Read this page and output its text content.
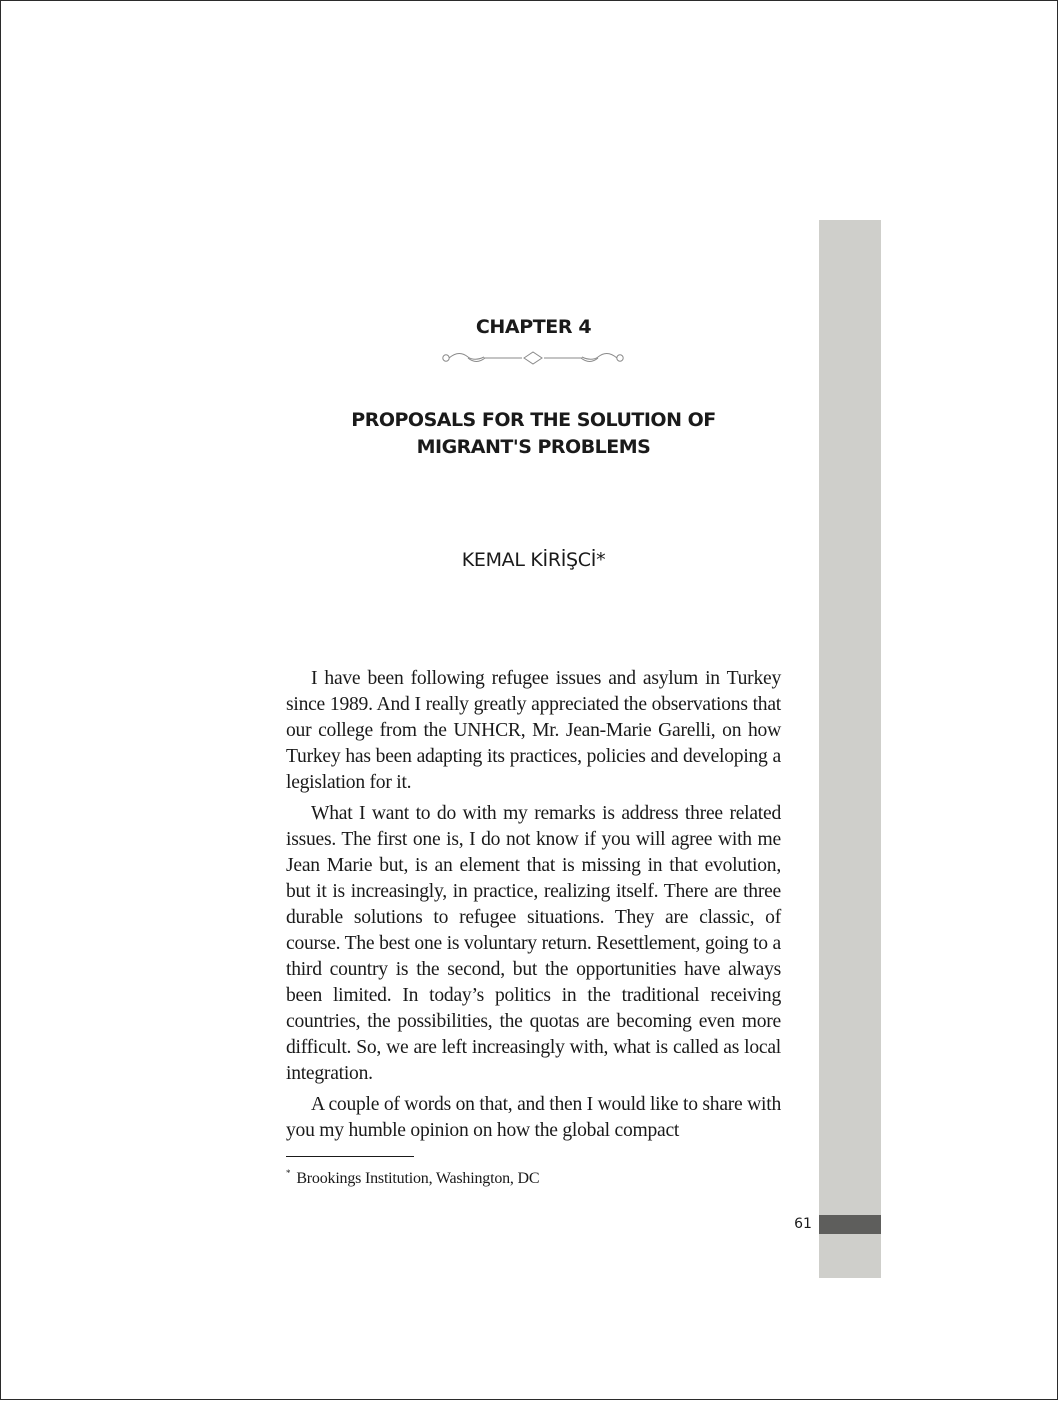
61
CHAPTER 4
PROPOSALS FOR THE SOLUTION OF
MIGRANT'S PROBLEMS
KEMAL KİRİŞCİ*

I have been following refugee issues and asylum in Turkey since 1989. And I really greatly appreciated the observations that our college from the UNHCR, Mr. Jean-Marie Garelli, on how Turkey has been adapting its practices, policies and developing a legislation for it.

What I want to do with my remarks is address three related issues. The first one is, I do not know if you will agree with me Jean Marie but, is an element that is missing in that evolution, but it is increasingly, in practice, realizing itself. There are three durable solutions to refugee situations. They are classic, of course. The best one is voluntary return. Resettlement, going to a third country is the second, but the opportunities have always been limited. In today’s politics in the traditional receiving countries, the possibilities, the quotas are becoming even more difficult. So, we are left increasingly with, what is called as local integration.

A couple of words on that, and then I would like to share with you my humble opinion on how the global compact

* Brookings Institution, Washington, DC
